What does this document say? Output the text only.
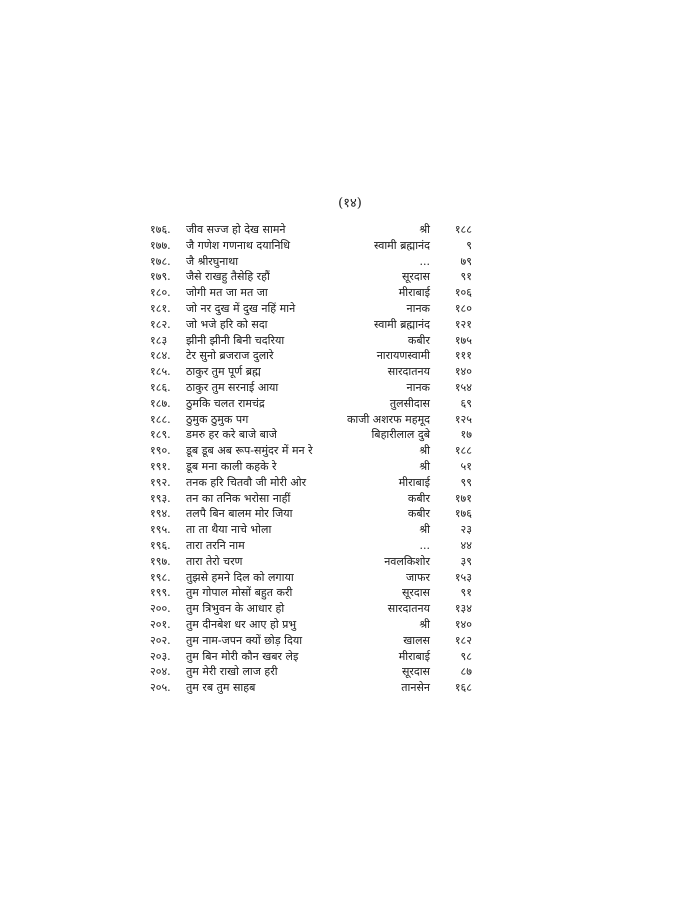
(१४)
१७६.	जीव सज्ज हो देख सामने	श्री	१८८
१७७.	जै गणेश गणनाथ दयानिधि	स्वामी ब्रह्मानंद	९
१७८.	जै श्रीरघुनाथा	...	७९
१७९.	जैसे राखहु तैसेहि रहौं	सूरदास	९१
१८०.	जोगी मत जा मत जा	मीराबाई	१०६
१८१.	जो नर दुख में दुख नहिं माने	नानक	१८०
१८२.	जो भजे हरि को सदा	स्वामी ब्रह्मानंद	१२१
१८३	झीनी झीनी बिनी चदरिया	कबीर	१७५
१८४.	टेर सुनो ब्रजराज दुलारे	नारायणस्वामी	१११
१८५.	ठाकुर तुम पूर्ण ब्रह्म	सारदातनय	१४०
१८६.	ठाकुर तुम सरनाई आया	नानक	१५४
१८७.	ठुमकि चलत रामचंद्र	तुलसीदास	६९
१८८.	ठुमुक ठुमुक पग	काजी अशरफ महमूद	१२५
१८९.	डमरु हर करे बाजे बाजे	बिहारीलाल दुबे	१७
१९०.	डूब डूब अब रूप-समुंदर में मन रे	श्री	१८८
१९१.	डूब मना काली कहके रे	श्री	५१
१९२.	तनक हरि चितवौ जी मोरी ओर	मीराबाई	९९
१९३.	तन का तनिक भरोसा नाहीं	कबीर	१७१
१९४.	तलपै बिन बालम मोर जिया	कबीर	१७६
१९५.	ता ता थैया नाचे भोला	श्री	२३
१९६.	तारा तरनि नाम	...	४४
१९७.	तारा तेरो चरण	नवलकिशोर	३९
१९८.	तुझसे हमने दिल को लगाया	जाफर	१५३
१९९.	तुम गोपाल मोसों बहुत करी	सूरदास	९१
२००.	तुम त्रिभुवन के आधार हो	सारदातनय	१३४
२०१.	तुम दीनबेश धर आए हो प्रभु	श्री	१४०
२०२.	तुम नाम-जपन क्यों छोड़ दिया	खालस	१८२
२०३.	तुम बिन मोरी कौन खबर लेइ	मीराबाई	९८
२०४.	तुम मेरी राखो लाज हरी	सूरदास	८७
२०५.	तुम रब तुम साहब	तानसेन	१६८
